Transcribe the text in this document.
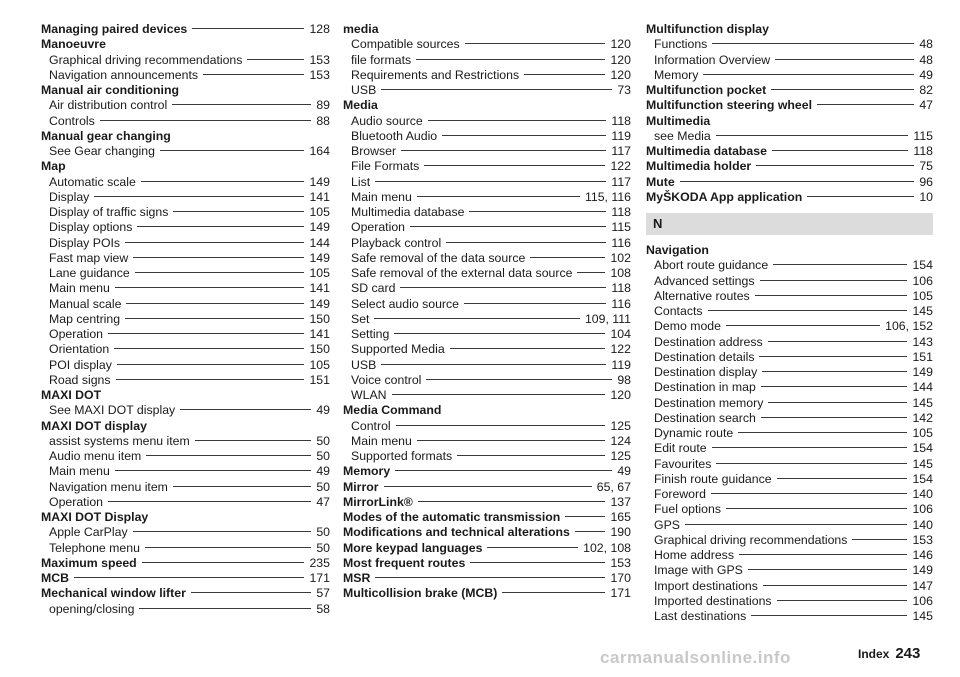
Managing paired devices	128
Manoeuvre
Graphical driving recommendations	153
Navigation announcements	153
Manual air conditioning
Air distribution control	89
Controls	88
Manual gear changing
See Gear changing	164
Map
Automatic scale	149
Display	141
Display of traffic signs	105
Display options	149
Display POIs	144
Fast map view	149
Lane guidance	105
Main menu	141
Manual scale	149
Map centring	150
Operation	141
Orientation	150
POI display	105
Road signs	151
MAXI DOT
See MAXI DOT display	49
MAXI DOT display
assist systems menu item	50
Audio menu item	50
Main menu	49
Navigation menu item	50
Operation	47
MAXI DOT Display
Apple CarPlay	50
Telephone menu	50
Maximum speed	235
MCB	171
Mechanical window lifter	57
opening/closing	58
media
Compatible sources	120
file formats	120
Requirements and Restrictions	120
USB	73
Media
Audio source	118
Bluetooth Audio	119
Browser	117
File Formats	122
List	117
Main menu	115, 116
Multimedia database	118
Operation	115
Playback control	116
Safe removal of the data source	102
Safe removal of the external data source	108
SD card	118
Select audio source	116
Set	109, 111
Setting	104
Supported Media	122
USB	119
Voice control	98
WLAN	120
Media Command
Control	125
Main menu	124
Supported formats	125
Memory	49
Mirror	65, 67
MirrorLink®	137
Modes of the automatic transmission	165
Modifications and technical alterations	190
More keypad languages	102, 108
Most frequent routes	153
MSR	170
Multicollision brake (MCB)	171
Multifunction display
Functions	48
Information Overview	48
Memory	49
Multifunction pocket	82
Multifunction steering wheel	47
Multimedia
see Media	115
Multimedia database	118
Multimedia holder	75
Mute	96
MyŠKODA App application	10
N
Navigation
Abort route guidance	154
Advanced settings	106
Alternative routes	105
Contacts	145
Demo mode	106, 152
Destination address	143
Destination details	151
Destination display	149
Destination in map	144
Destination memory	145
Destination search	142
Dynamic route	105
Edit route	154
Favourites	145
Finish route guidance	154
Foreword	140
Fuel options	106
GPS	140
Graphical driving recommendations	153
Home address	146
Image with GPS	149
Import destinations	147
Imported destinations	106
Last destinations	145
carmanualsonline.info	Index 243
